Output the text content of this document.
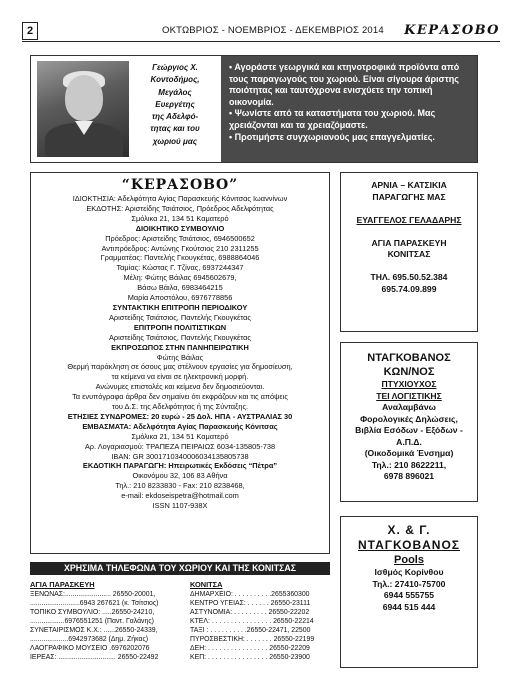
2	ΟΚΤΩΒΡΙΟΣ - ΝΟΕΜΒΡΙΟΣ - ΔΕΚΕΜΒΡΙΟΣ 2014 ΚΕΡΑΣΟΒΟ
Γεώργιος Χ.
Κοντοδήμος,
Μεγάλος
Ευεργέτης
της Αδελφό-
τητας και του
χωριού μας

• Αγοράστε γεωργικά και κτηνοτροφικά προϊόντα από τους παραγωγούς του χωριού. Είναι σίγουρα άριστης ποιότητας και ταυτόχρονα ενισχύετε την τοπική οικονομία.

• Ψωνίστε από τα καταστήματα του χωριού. Μας χρειάζονται και τα χρειαζόμαστε.

• Προτιμήστε συγχωριανούς μας επαγγελματίες.

“ΚΕΡΑΣΟΒΟ”
ΙΔΙΟΚΤΗΣΙΑ: Αδελφότητα Αγίας Παρασκευής Κόνιτσας Ιωαννίνων
ΕΚΔΟΤΗΣ: Αριστείδης Τσιάτσιος, Πρόεδρος Αδελφότητας
Σμόλικα 21, 134 51 Καματερό
ΔΙΟΙΚΗΤΙΚΟ ΣΥΜΒΟΥΛΙΟ
Πρόεδρος: Αριστείδης Τσιάτσιος, 6946500652
Αντιπρόεδρος: Αντώνης Γκούτσιος 210 2311255
Γραμματέας: Παντελής Γκουγκέτας, 6988864046
Ταμίας: Κώστας Γ. Τζίνας, 6937244347
Μέλη: Φώτης Βάιλας 6945602679,
Βάσω Βάιλα, 6983464215
Μαρία Αποστόλου, 6976778856
ΣΥΝΤΑΚΤΙΚΗ ΕΠΙΤΡΟΠΗ ΠΕΡΙΟΔΙΚΟΥ
Αριστείδης Τσιάτσιος, Παντελής Γκουγκέτας
ΕΠΙΤΡΟΠΗ ΠΟΛΙΤΙΣΤΙΚΩΝ
Αριστείδης Τσιάτσιος, Παντελής Γκουγκέτας
ΕΚΠΡΟΣΩΠΟΣ ΣΤΗΝ ΠΑΝΗΠΕΙΡΩΤΙΚΗ
Φώτης Βάιλας
Θερμή παράκληση σε όσους μας στέλνουν εργασίες για δημοσίευση,
τα κείμενα να είναι σε ηλεκτρονική μορφή.
Ανώνυμες επιστολές και κείμενα δεν δημοσιεύονται.
Τα ενυπόγραφα άρθρα δεν σημαίνει ότι εκφράζουν και τις απόψεις
του Δ.Σ. της Αδελφότητας ή της Σύνταξης.
ΕΤΗΣΙΕΣ ΣΥΝΔΡΟΜΕΣ: 20 ευρώ - 25 Δολ. ΗΠΑ - ΑΥΣΤΡΑΛΙΑΣ 30
ΕΜΒΑΣΜΑΤΑ: Αδελφότητα Αγίας Παρασκευής Κόνιτσας
Σμόλικα 21, 134 51 Καματερό
Αρ. Λογαριασμού: ΤΡΑΠΕΖΑ ΠΕΙΡΑΙΩΣ 6034-135805-738
IBAN: GR 3001710340006034135805738
ΕΚΔΟΤΙΚΗ ΠΑΡΑΓΩΓΗ: Ηπειρωτικές Εκδόσεις “Πέτρα”
Οικονόμου 32, 106 83 Αθήνα
Τηλ.: 210 8233830 - Fax: 210 8238468,
e-mail: ekdoseispetra@hotmail.com
ISSN 1107-938X
ΑΡΝΙΑ – ΚΑΤΣΙΚΙΑ
ΠΑΡΑΓΩΓΗΣ ΜΑΣ

ΕΥΑΓΓΕΛΟΣ ΓΕΛΑΔΑΡΗΣ

ΑΓΙΑ ΠΑΡΑΣΚΕΥΗ
ΚΟΝΙΤΣΑΣ

ΤΗΛ. 695.50.52.384
695.74.09.899
ΝΤΑΓΚΟΒΑΝΟΣ
ΚΩΝ/ΝΟΣ
ΠΤΥΧΙΟΥΧΟΣ
ΤΕΙ ΛΟΓΙΣΤΙΚΗΣ
Αναλαμβάνω
Φορολογικές Δηλώσεις,
Βιβλία Εσόδων - Εξόδων -
Α.Π.Δ.
(Οικοδομικά Ένσημα)
Τηλ.: 210 8622211,
6978 896021
Χ. & Γ.
ΝΤΑΓΚΟΒΑΝΟΣ
Pools
Ισθμός Κορίνθου
Τηλ.: 27410-75700
6944 555755
6944 515 444
ΧΡΗΣΙΜΑ ΤΗΛΕΦΩΝΑ ΤΟΥ ΧΩΡΙΟΥ ΚΑΙ ΤΗΣ ΚΟΝΙΤΣΑΣ
ΑΓΙΑ ΠΑΡΑΣΚΕΥΗ
ΞΕΝΩΝΑΣ:........................ 26550-20001,
..........................6943 267621 (κ. Τσίτσιος)
ΤΟΠΙΚΟ ΣΥΜΒΟΥΛΙΟ: .....26550-24210,
..................6976551251 (Παντ. Γαλάνης)
ΣΥΝΕΤΑΙΡΙΣΜΟΣ Κ.Χ.: ......26550-24339,
....................6942973682 (Δημ. Ζήκας)
ΛΑΟΓΡΑΦΙΚΟ ΜΟΥΣΕΙΟ .6976202076
ΙΕΡΕΑΣ: .............................. 26550-22492
ΚΟΝΙΤΣΑ
ΔΗΜΑΡΧΕΙΟ: . . . . . . . . . .2655360300
ΚΕΝΤΡΟ ΥΓΕΙΑΣ: . . . . . . 26550-23111
ΑΣΤΥΝΟΜΙΑ: . . . . . . . . . 26550-22202
ΚΤΕΛ: . . . . . . . . . . . . . . . . 26550-22214
ΤΑΞΙ : . . . . . . . . . .26550-22471, 22500
ΠΥΡΟΣΒΕΣΤΙΚΗ: . . . . . . . 26550-22199
ΔΕΗ: . . . . . . . . . . . . . . . . 26550-22209
ΚΕΠ: . . . . . . . . . . . . . . . . 26550-23900
